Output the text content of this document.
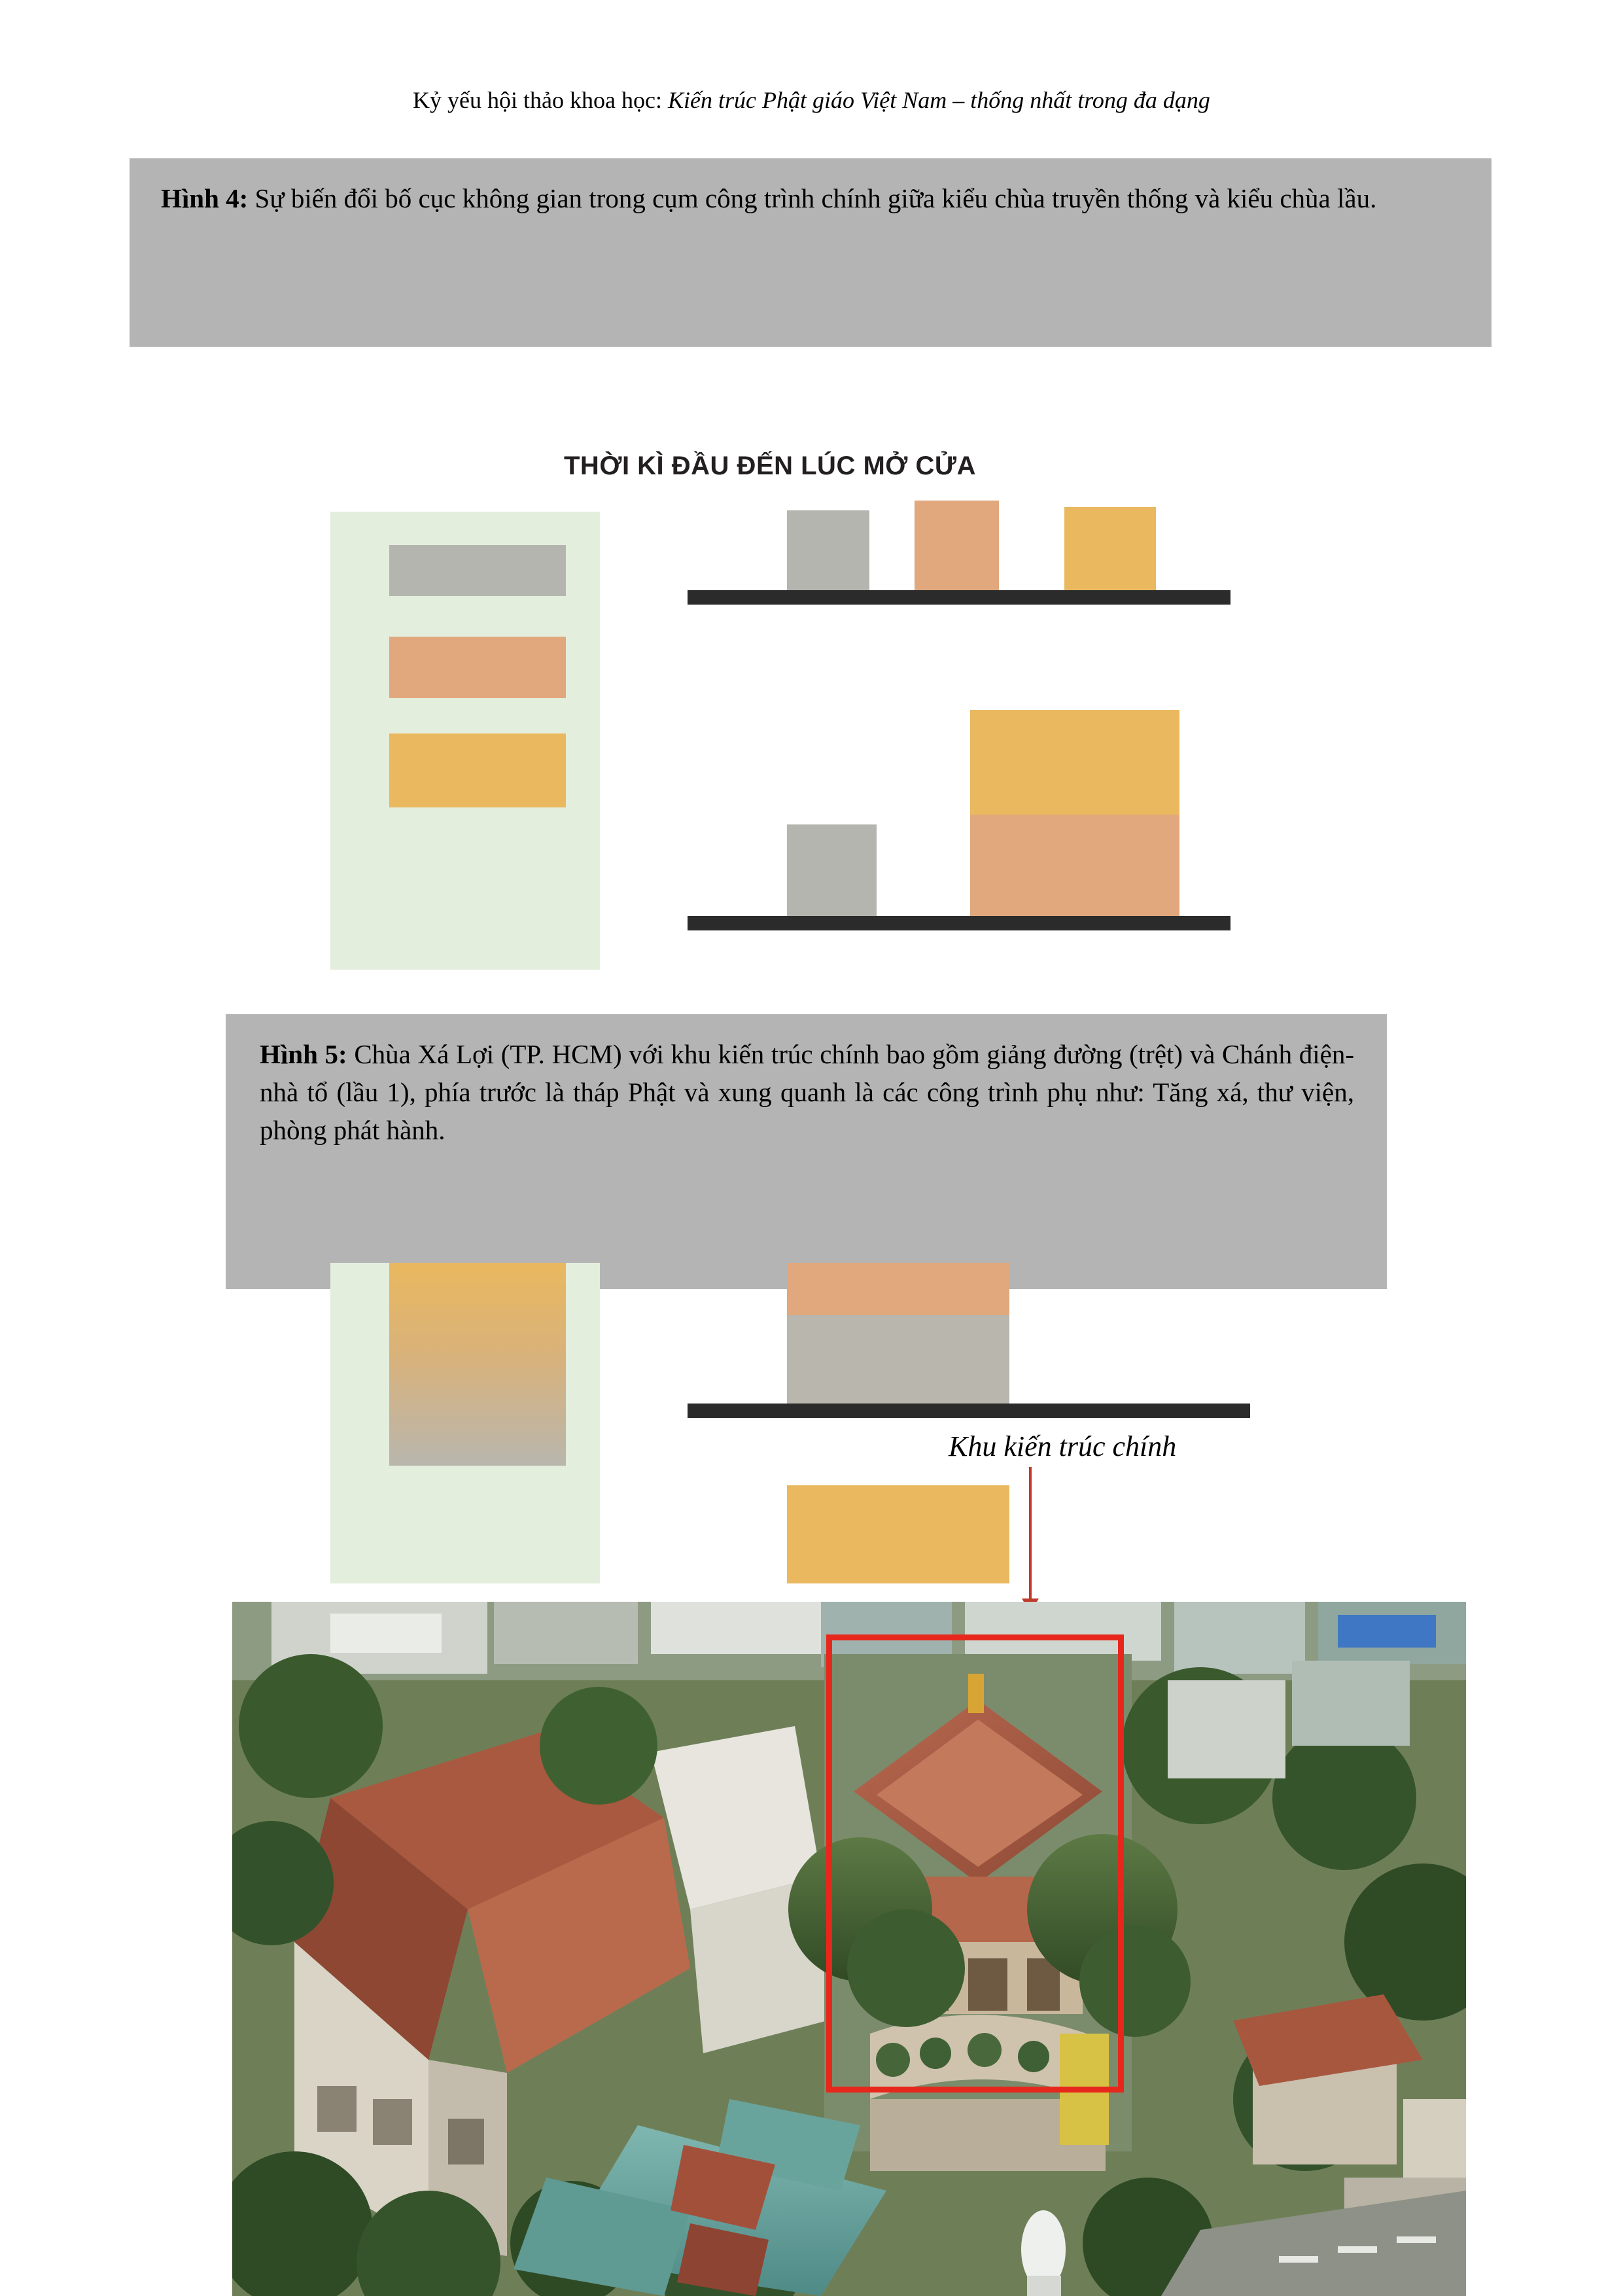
Kỷ yếu hội thảo khoa học: Kiến trúc Phật giáo Việt Nam – thống nhất trong đa dạng
Hình 4: Sự biến đổi bố cục không gian trong cụm công trình chính giữa kiểu chùa truyền thống và kiểu chùa lầu.
THỜI KÌ ĐẦU ĐẾN LÚC MỞ CỬA
Hình 5: Chùa Xá Lợi (TP. HCM) với khu kiến trúc chính bao gồm giảng đường (trệt) và Chánh điện-nhà tổ (lầu 1), phía trước là tháp Phật và xung quanh là các công trình phụ như: Tăng xá, thư viện, phòng phát hành.
Khu kiến trúc chính
